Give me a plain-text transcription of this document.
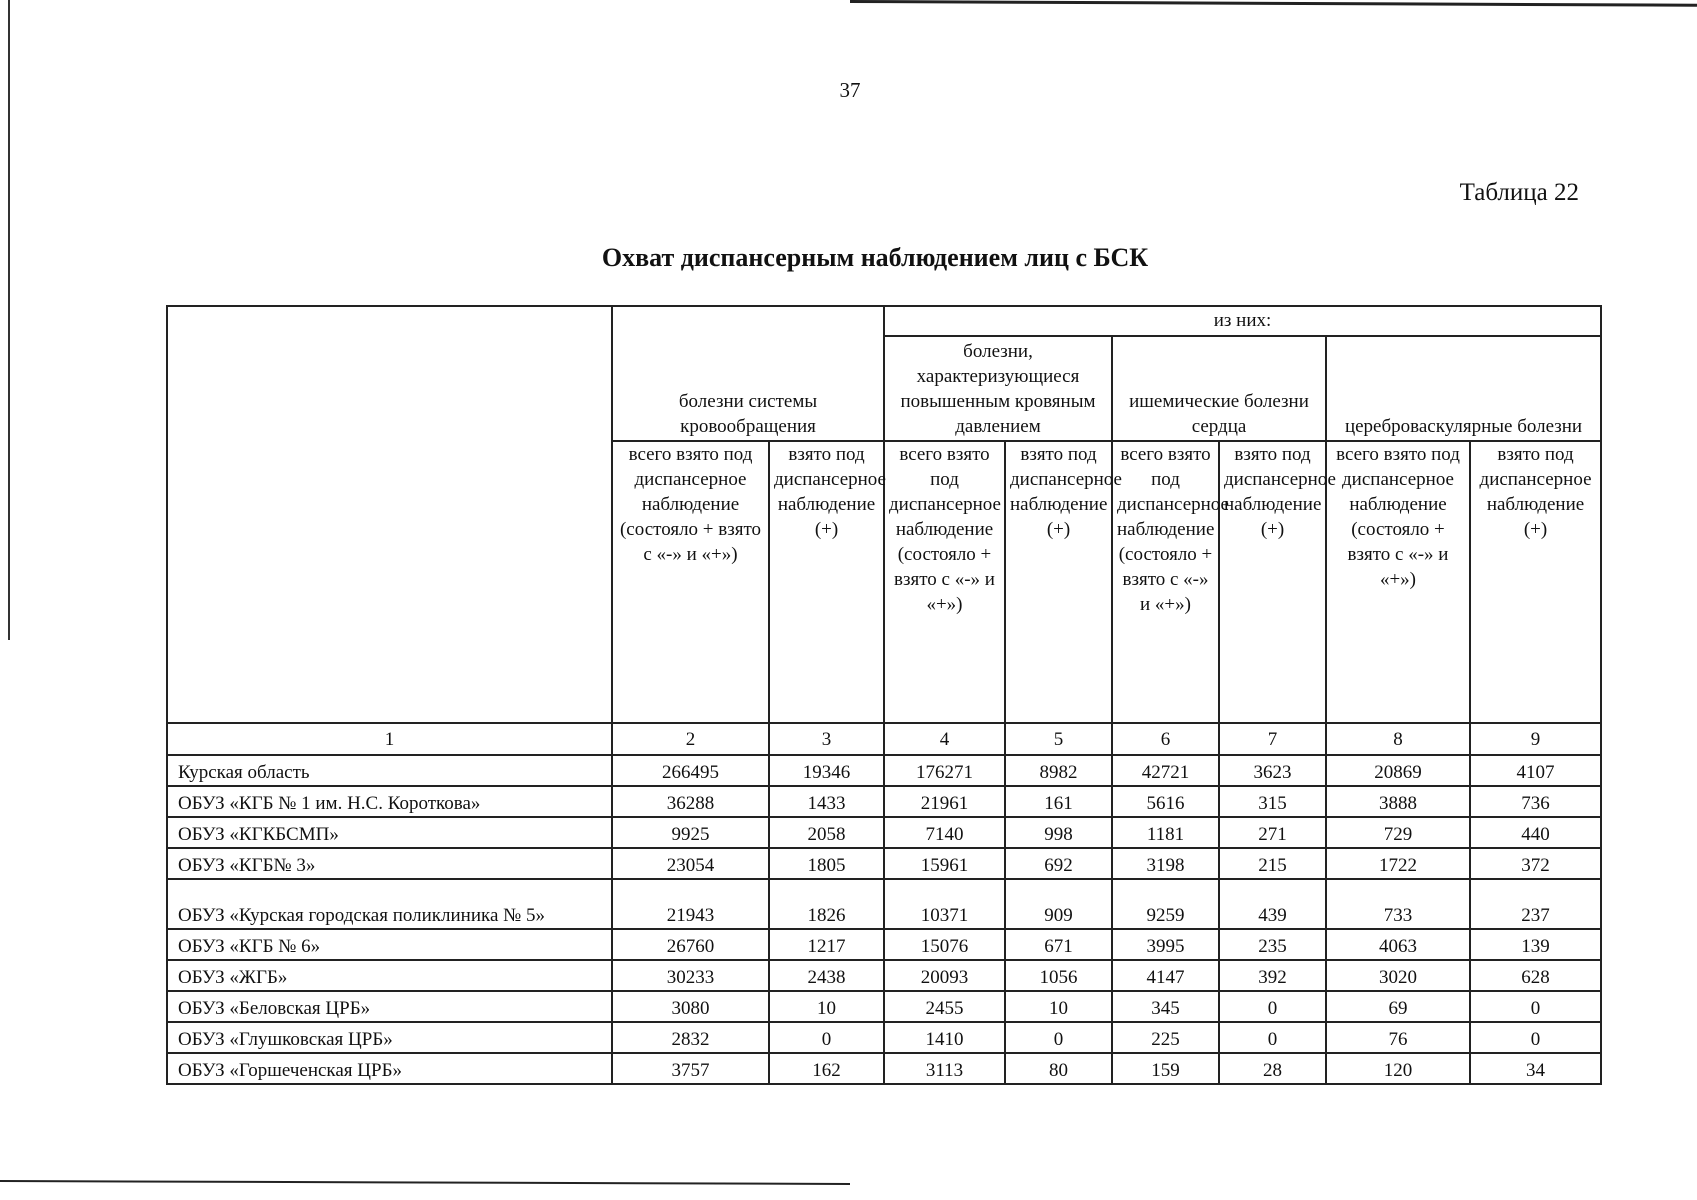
37
Таблица 22
Охват диспансерным наблюдением лиц с БСК
	болезни системы кровообращения		из них:					
			болезни, характеризующиеся повышенным кровяным давлением		ишемические болезни сердца		цереброваскулярные болезни	
	всего взято под диспансерное наблюдение (состояло + взято с «-» и «+»)	взято под диспансерное наблюдение (+)	всего взято под диспансерное наблюдение (состояло + взято с «-» и «+»)	взято под диспансерное наблюдение (+)	всего взято под диспансерное наблюдение (состояло + взято с «-» и «+»)	взято под диспансерное наблюдение (+)	всего взято под диспансерное наблюдение (состояло + взято с «-» и «+»)	взято под диспансерное наблюдение (+)
1	2	3	4	5	6	7	8	9
Курская область	266495	19346	176271	8982	42721	3623	20869	4107
ОБУЗ «КГБ № 1 им. Н.С. Короткова»	36288	1433	21961	161	5616	315	3888	736
ОБУЗ «КГКБСМП»	9925	2058	7140	998	1181	271	729	440
ОБУЗ «КГБ№ 3»	23054	1805	15961	692	3198	215	1722	372
ОБУЗ «Курская городская поликлиника № 5»	21943	1826	10371	909	9259	439	733	237
ОБУЗ «КГБ № 6»	26760	1217	15076	671	3995	235	4063	139
ОБУЗ «ЖГБ»	30233	2438	20093	1056	4147	392	3020	628
ОБУЗ «Беловская ЦРБ»	3080	10	2455	10	345	0	69	0
ОБУЗ «Глушковская ЦРБ»	2832	0	1410	0	225	0	76	0
ОБУЗ «Горшеченская ЦРБ»	3757	162	3113	80	159	28	120	34
